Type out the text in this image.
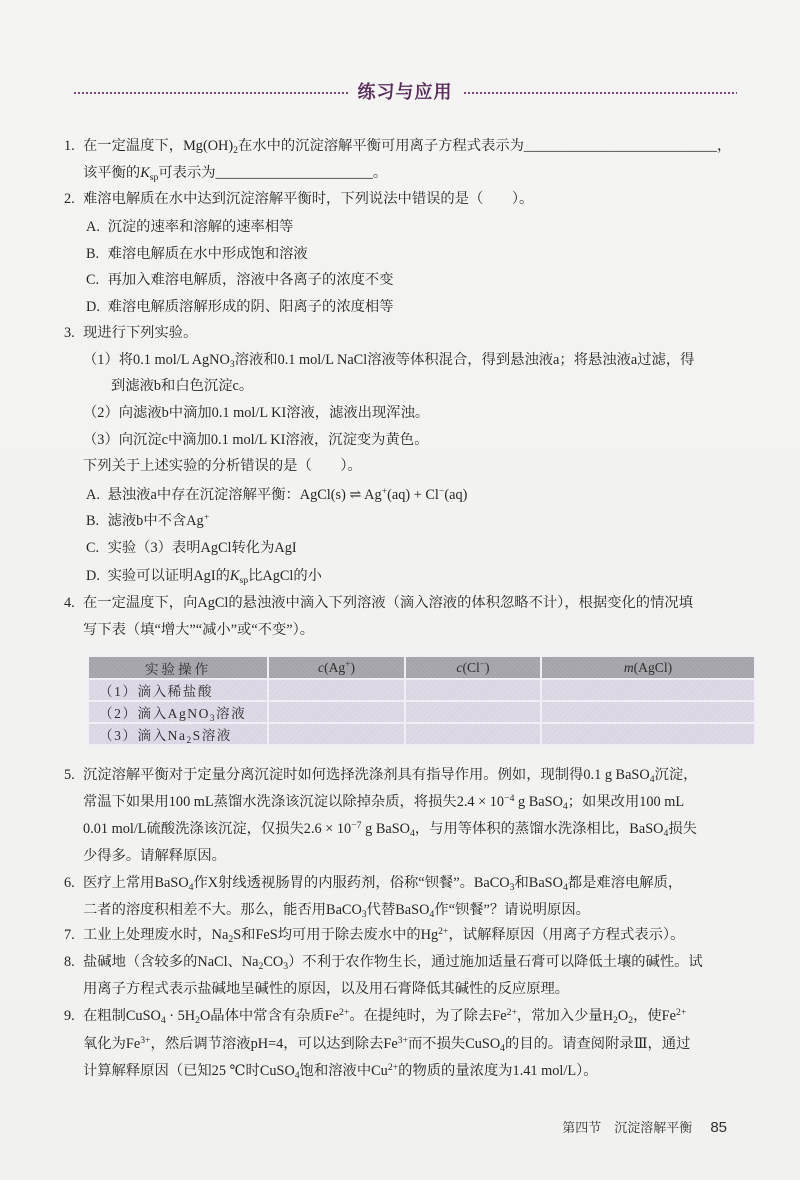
练习与应用
1. 在一定温度下，$Mg(OH)_2$在水中的沉淀溶解平衡可用离子方程式表示为___________________________，
该平衡的$K_{sp}$可表示为______________________。
2. 难溶电解质在水中达到沉淀溶解平衡时，下列说法中错误的是（　　）。
A. 沉淀的速率和溶解的速率相等
B. 难溶电解质在水中形成饱和溶液
C. 再加入难溶电解质，溶液中各离子的浓度不变
D. 难溶电解质溶解形成的阴、阳离子的浓度相等
3. 现进行下列实验。
（1）将0.1 mol/L AgNO$_3$溶液和0.1 mol/L NaCl溶液等体积混合，得到悬浊液a；将悬浊液a过滤，得
到滤液b和白色沉淀c。
（2）向滤液b中滴加0.1 mol/L KI溶液，滤液出现浑浊。
（3）向沉淀c中滴加0.1 mol/L KI溶液，沉淀变为黄色。
下列关于上述实验的分析错误的是（　　）。
A. 悬浊液a中存在沉淀溶解平衡：AgCl(s) ⇌ Ag+(aq) + Cl−(aq)
B. 滤液b中不含Ag+
C. 实验（3）表明AgCl转化为AgI
D. 实验可以证明AgI的$K_{sp}$比AgCl的小
4. 在一定温度下，向AgCl的悬浊液中滴入下列溶液（滴入溶液的体积忽略不计），根据变化的情况填
写下表（填“增大”“减小”或“不变”）。
实验操作	c(Ag+)	c(Cl−)	m(AgCl)
（1）滴入稀盐酸			
（2）滴入AgNO$_3$溶液			
（3）滴入$Na_2S$溶液			
5. 沉淀溶解平衡对于定量分离沉淀时如何选择洗涤剂具有指导作用。例如，现制得0.1 g BaSO$_4$沉淀，
常温下如果用100 mL蒸馏水洗涤该沉淀以除掉杂质，将损失$2.4 \times 10^{-4}$ g BaSO$_4$；如果改用100 mL
0.01 mol/L硫酸洗涤该沉淀，仅损失$2.6 \times 10^{-7}$ g BaSO$_4$，与用等体积的蒸馏水洗涤相比，BaSO$_4$损失
少得多。请解释原因。
6. 医疗上常用BaSO$_4$作X射线透视肠胃的内服药剂，俗称“钡餐”。BaCO$_3$和BaSO$_4$都是难溶电解质，
二者的溶度积相差不大。那么，能否用BaCO$_3$代替BaSO$_4$作“钡餐”？请说明原因。
7. 工业上处理废水时，$Na_2S$和FeS均可用于除去废水中的$Hg^{2+}$，试解释原因（用离子方程式表示）。
8. 盐碱地（含较多的NaCl、$Na_2CO_3$）不利于农作物生长，通过施加适量石膏可以降低土壤的碱性。试
用离子方程式表示盐碱地呈碱性的原因，以及用石膏降低其碱性的反应原理。
9. 在粗制CuSO$_4$ · $5H_2O$晶体中常含有杂质$Fe^{2+}$。在提纯时，为了除去$Fe^{2+}$，常加入少量$H_2O_2$，使$Fe^{2+}$
氧化为$Fe^{3+}$，然后调节溶液pH=4，可以达到除去$Fe^{3+}$而不损失CuSO$_4$的目的。请查阅附录Ⅲ，通过
计算解释原因（已知25 ℃时CuSO$_4$饱和溶液中$Cu^{2+}$的物质的量浓度为1.41 mol/L）。
第四节　沉淀溶解平衡 85
